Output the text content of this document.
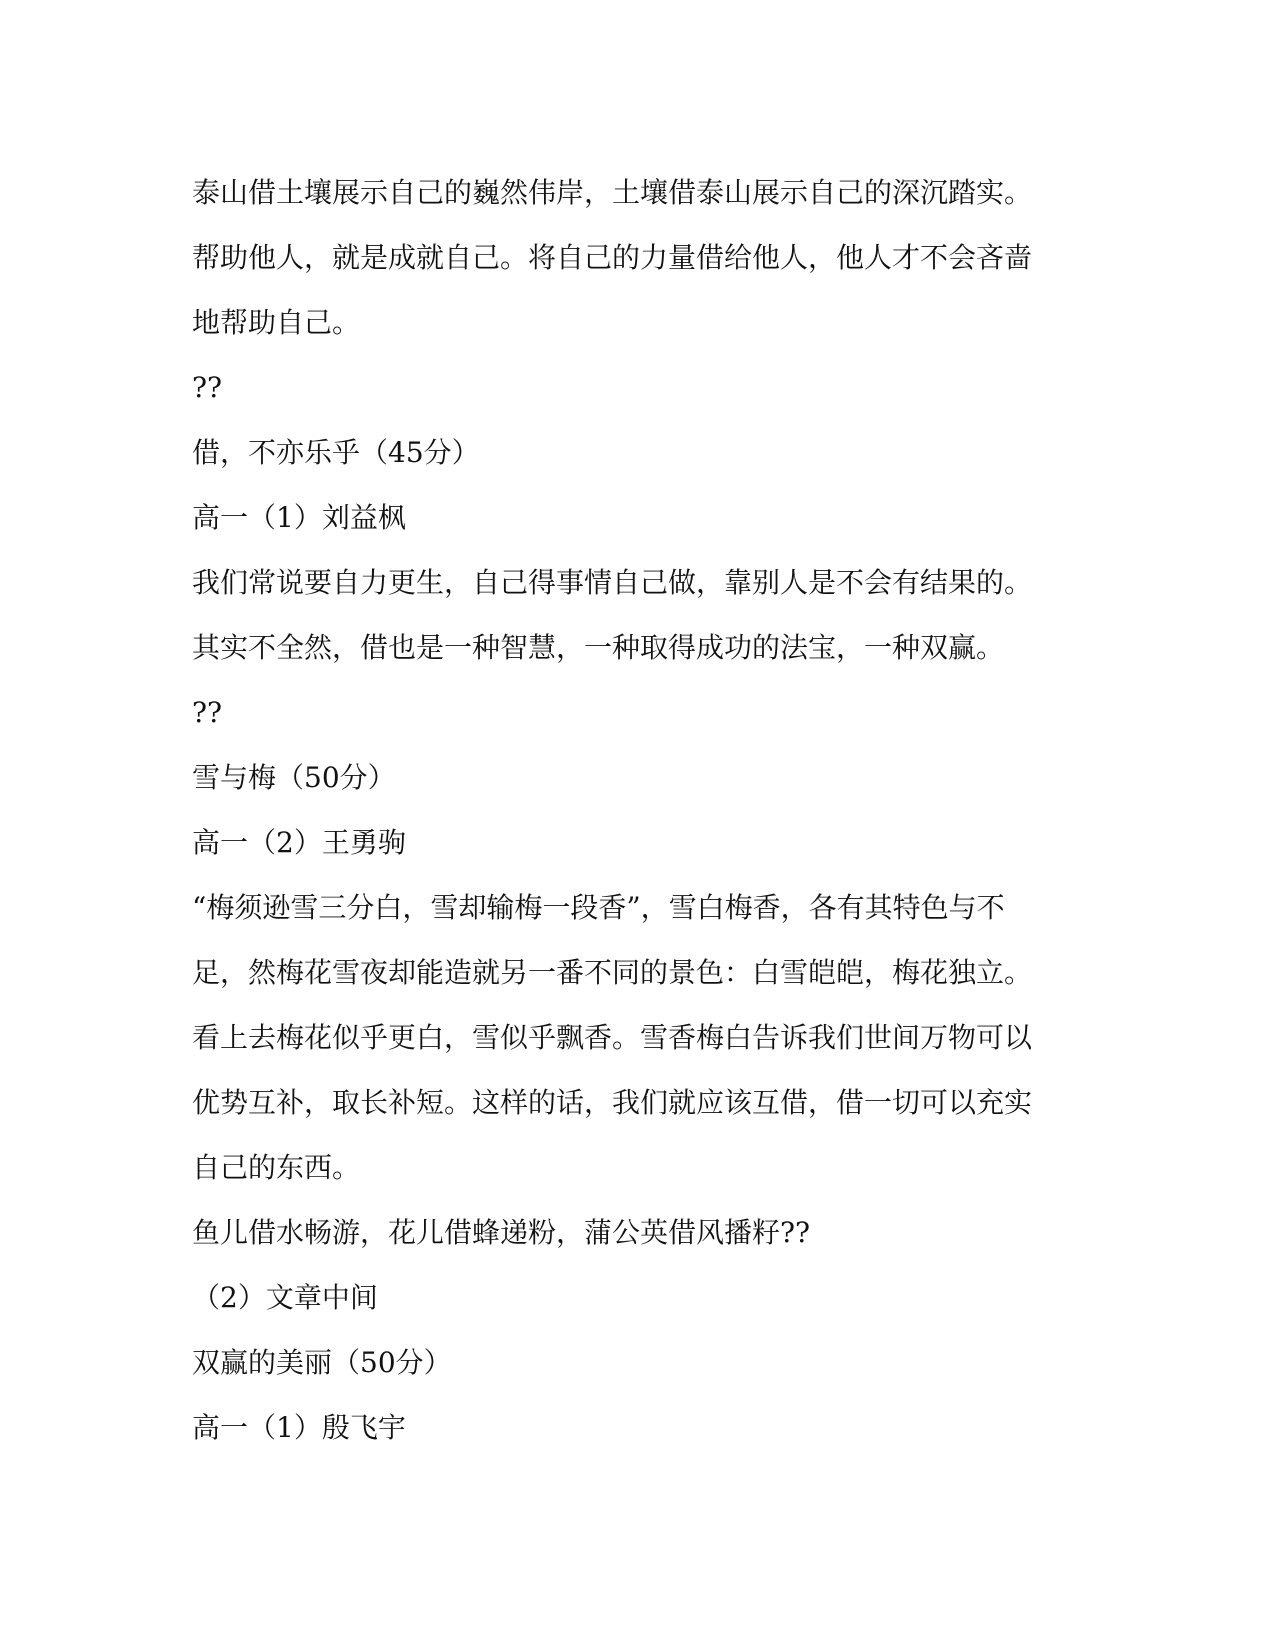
泰山借土壤展示自己的巍然伟岸，土壤借泰山展示自己的深沉踏实。
帮助他人，就是成就自己。将自己的力量借给他人，他人才不会吝啬
地帮助自己。
??
借，不亦乐乎（45分）
高一（1）刘益枫
我们常说要自力更生，自己得事情自己做，靠别人是不会有结果的。
其实不全然，借也是一种智慧，一种取得成功的法宝，一种双赢。
??
雪与梅（50分）
高一（2）王勇驹
“梅须逊雪三分白，雪却输梅一段香”，雪白梅香，各有其特色与不
足，然梅花雪夜却能造就另一番不同的景色：白雪皑皑，梅花独立。
看上去梅花似乎更白，雪似乎飘香。雪香梅白告诉我们世间万物可以
优势互补，取长补短。这样的话，我们就应该互借，借一切可以充实
自己的东西。
鱼儿借水畅游，花儿借蜂递粉，蒲公英借风播籽??
（2）文章中间
双赢的美丽（50分）
高一（1）殷飞宇
